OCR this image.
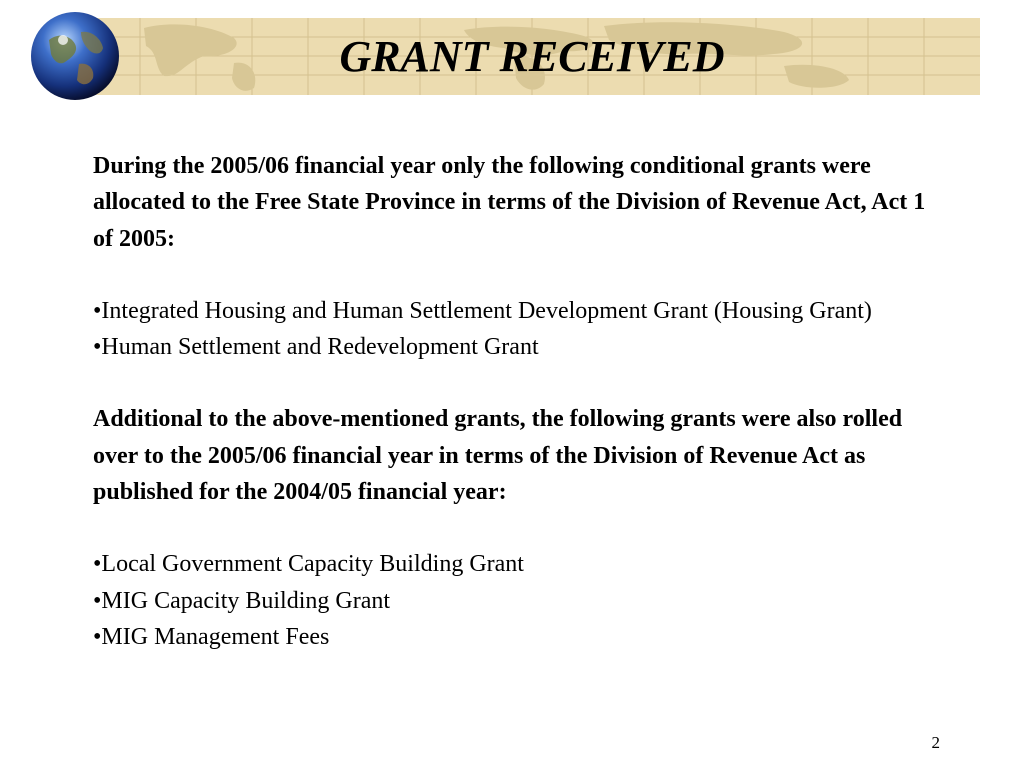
GRANT RECEIVED

During the 2005/06 financial year only the following conditional grants were allocated to the Free State Province in terms of the Division of Revenue Act, Act 1 of 2005:

•Integrated Housing and Human Settlement Development Grant (Housing Grant)

•Human Settlement and Redevelopment Grant

Additional to the above-mentioned grants, the following grants were also rolled over to the 2005/06 financial year in terms of the Division of Revenue Act as published for the 2004/05 financial year:

•Local Government Capacity Building Grant

•MIG Capacity Building Grant

•MIG Management Fees

2
